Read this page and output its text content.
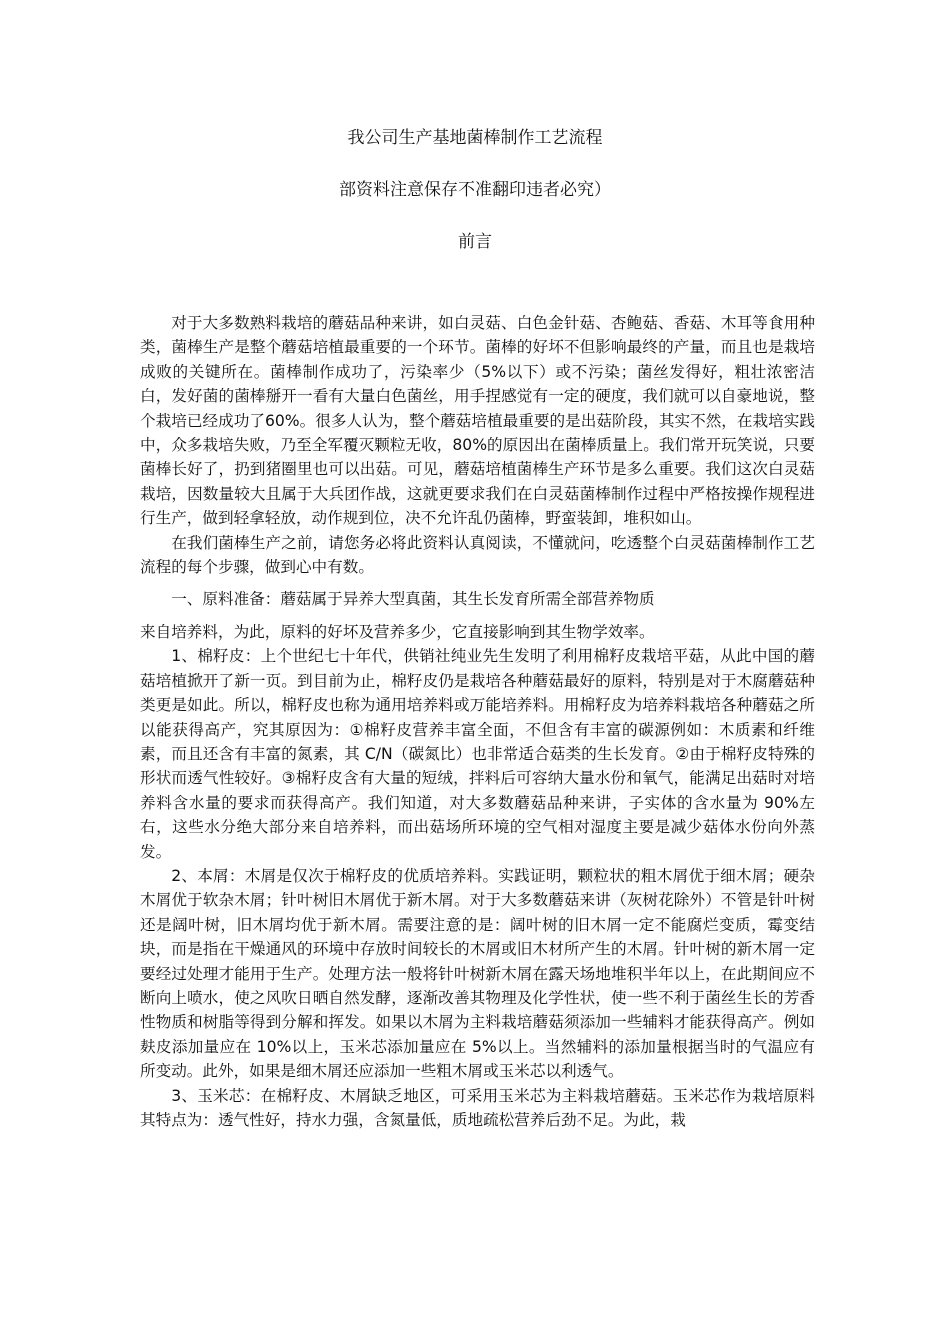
我公司生产基地菌棒制作工艺流程
部资料注意保存不准翻印违者必究）
前言

对于大多数熟料栽培的蘑菇品种来讲，如白灵菇、白色金针菇、杏鲍菇、香菇、木耳等食用种类，菌棒生产是整个蘑菇培植最重要的一个环节。菌棒的好坏不但影响最终的产量，而且也是栽培成败的关键所在。菌棒制作成功了，污染率少（5%以下）或不污染；菌丝发得好，粗壮浓密洁白，发好菌的菌棒掰开一看有大量白色菌丝，用手捏感觉有一定的硬度，我们就可以自豪地说，整个栽培已经成功了60%。很多人认为，整个蘑菇培植最重要的是出菇阶段，其实不然，在栽培实践中，众多栽培失败，乃至全军覆灭颗粒无收，80%的原因出在菌棒质量上。我们常开玩笑说，只要菌棒长好了，扔到猪圈里也可以出菇。可见，蘑菇培植菌棒生产环节是多么重要。我们这次白灵菇栽培，因数量较大且属于大兵团作战，这就更要求我们在白灵菇菌棒制作过程中严格按操作规程进行生产，做到轻拿轻放，动作规到位，决不允许乱仍菌棒，野蛮装卸，堆积如山。

在我们菌棒生产之前，请您务必将此资料认真阅读，不懂就问，吃透整个白灵菇菌棒制作工艺流程的每个步骤，做到心中有数。

一、原料准备：蘑菇属于异养大型真菌，其生长发育所需全部营养物质

来自培养料，为此，原料的好坏及营养多少，它直接影响到其生物学效率。

1、棉籽皮：上个世纪七十年代，供销社纯业先生发明了利用棉籽皮栽培平菇，从此中国的蘑菇培植掀开了新一页。到目前为止，棉籽皮仍是栽培各种蘑菇最好的原料，特别是对于木腐蘑菇种类更是如此。所以，棉籽皮也称为通用培养料或万能培养料。用棉籽皮为培养料栽培各种蘑菇之所以能获得高产，究其原因为：①棉籽皮营养丰富全面，不但含有丰富的碳源例如：木质素和纤维素，而且还含有丰富的氮素，其 C/N（碳氮比）也非常适合菇类的生长发育。②由于棉籽皮特殊的形状而透气性较好。③棉籽皮含有大量的短绒，拌料后可容纳大量水份和氧气，能满足出菇时对培养料含水量的要求而获得高产。我们知道，对大多数蘑菇品种来讲，子实体的含水量为 90%左右，这些水分绝大部分来自培养料，而出菇场所环境的空气相对湿度主要是减少菇体水份向外蒸发。

2、本屑：木屑是仅次于棉籽皮的优质培养料。实践证明，颗粒状的粗木屑优于细木屑；硬杂木屑优于软杂木屑；针叶树旧木屑优于新木屑。对于大多数蘑菇来讲（灰树花除外）不管是针叶树还是阔叶树，旧木屑均优于新木屑。需要注意的是：阔叶树的旧木屑一定不能腐烂变质，霉变结块，而是指在干燥通风的环境中存放时间较长的木屑或旧木材所产生的木屑。针叶树的新木屑一定要经过处理才能用于生产。处理方法一般将针叶树新木屑在露天场地堆积半年以上，在此期间应不断向上喷水，使之风吹日晒自然发酵，逐渐改善其物理及化学性状，使一些不利于菌丝生长的芳香性物质和树脂等得到分解和挥发。如果以木屑为主料栽培蘑菇须添加一些辅料才能获得高产。例如麸皮添加量应在 10%以上，玉米芯添加量应在 5%以上。当然辅料的添加量根据当时的气温应有所变动。此外，如果是细木屑还应添加一些粗木屑或玉米芯以利透气。

3、玉米芯：在棉籽皮、木屑缺乏地区，可采用玉米芯为主料栽培蘑菇。玉米芯作为栽培原料其特点为：透气性好，持水力强，含氮量低，质地疏松营养后劲不足。为此，栽
